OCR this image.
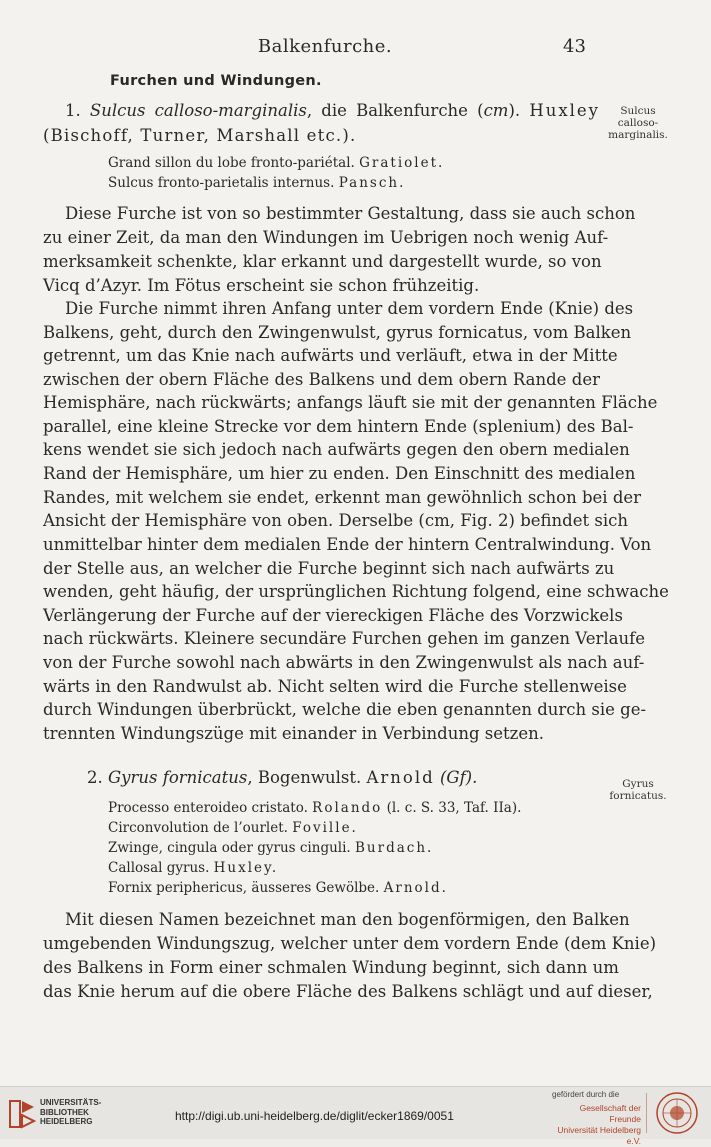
Balkenfurche.	43
Furchen und Windungen.
1. Sulcus calloso-marginalis, die Balkenfurche (cm). Huxley
(Bischoff, Turner, Marshall etc.).
Grand sillon du lobe fronto-pariétal. Gratiolet.
Sulcus fronto-parietalis internus. Pansch.
Sulcus
calloso-
marginalis.
Diese Furche ist von so bestimmter Gestaltung, dass sie auch schon
zu einer Zeit, da man den Windungen im Uebrigen noch wenig Auf-
merksamkeit schenkte, klar erkannt und dargestellt wurde, so von
Vicq d’Azyr. Im Fötus erscheint sie schon frühzeitig.
Die Furche nimmt ihren Anfang unter dem vordern Ende (Knie) des
Balkens, geht, durch den Zwingenwulst, gyrus fornicatus, vom Balken
getrennt, um das Knie nach aufwärts und verläuft, etwa in der Mitte
zwischen der obern Fläche des Balkens und dem obern Rande der
Hemisphäre, nach rückwärts; anfangs läuft sie mit der genannten Fläche
parallel, eine kleine Strecke vor dem hintern Ende (splenium) des Bal-
kens wendet sie sich jedoch nach aufwärts gegen den obern medialen
Rand der Hemisphäre, um hier zu enden. Den Einschnitt des medialen
Randes, mit welchem sie endet, erkennt man gewöhnlich schon bei der
Ansicht der Hemisphäre von oben. Derselbe (cm, Fig. 2) befindet sich
unmittelbar hinter dem medialen Ende der hintern Centralwindung. Von
der Stelle aus, an welcher die Furche beginnt sich nach aufwärts zu
wenden, geht häufig, der ursprünglichen Richtung folgend, eine schwache
Verlängerung der Furche auf der viereckigen Fläche des Vorzwickels
nach rückwärts. Kleinere secundäre Furchen gehen im ganzen Verlaufe
von der Furche sowohl nach abwärts in den Zwingenwulst als nach auf-
wärts in den Randwulst ab. Nicht selten wird die Furche stellenweise
durch Windungen überbrückt, welche die eben genannten durch sie ge-
trennten Windungszüge mit einander in Verbindung setzen.
2. Gyrus fornicatus, Bogenwulst. Arnold (Gf).	Gyrus
fornicatus.
Processo enteroideo cristato. Rolando (l. c. S. 33, Taf. IIa).
Circonvolution de l’ourlet. Foville.
Zwinge, cingula oder gyrus cinguli. Burdach.
Callosal gyrus. Huxley.
Fornix periphericus, äusseres Gewölbe. Arnold.
Mit diesen Namen bezeichnet man den bogenförmigen, den Balken
umgebenden Windungszug, welcher unter dem vordern Ende (dem Knie)
des Balkens in Form einer schmalen Windung beginnt, sich dann um
das Knie herum auf die obere Fläche des Balkens schlägt und auf dieser,
UNIVERSITÄTS-
BIBLIOTHEK
HEIDELBERG	http://digi.ub.uni-heidelberg.de/diglit/ecker1869/0051
gefördert durch die
Gesellschaft der Freunde
Universität Heidelberg e.V.
